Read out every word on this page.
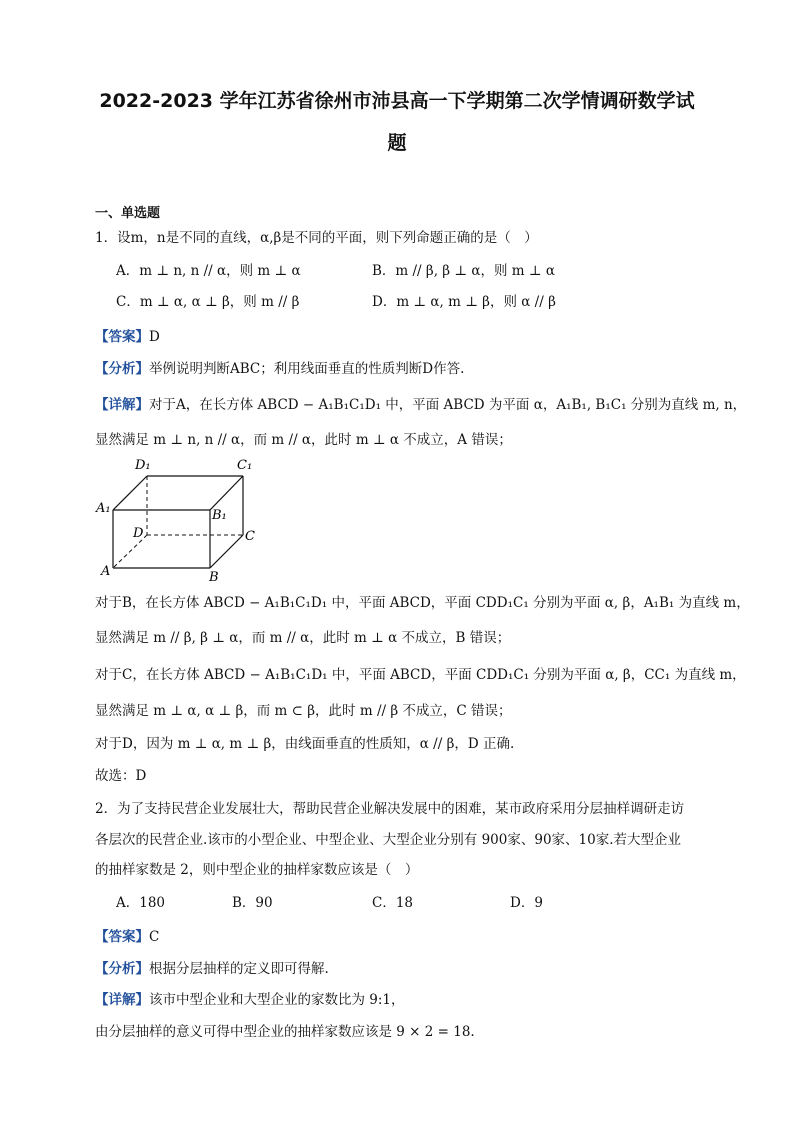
2022-2023 学年江苏省徐州市沛县高一下学期第二次学情调研数学试
题
一、单选题
1．设m，n是不同的直线，α,β是不同的平面，则下列命题正确的是（　）
A．m ⊥ n, n // α，则 m ⊥ α	B．m // β, β ⊥ α，则 m ⊥ α
C．m ⊥ α, α ⊥ β，则 m // β	D．m ⊥ α, m ⊥ β，则 α // β
【答案】D
【分析】举例说明判断ABC；利用线面垂直的性质判断D作答.
【详解】对于A，在长方体 ABCD − A₁B₁C₁D₁ 中，平面 ABCD 为平面 α，A₁B₁, B₁C₁ 分别为直线 m, n，
显然满足 m ⊥ n, n // α，而 m // α，此时 m ⊥ α 不成立，A 错误；
D₁	C₁
A₁	B₁
D	C
A	B
对于B，在长方体 ABCD − A₁B₁C₁D₁ 中，平面 ABCD，平面 CDD₁C₁ 分别为平面 α, β，A₁B₁ 为直线 m，
显然满足 m // β, β ⊥ α，而 m // α，此时 m ⊥ α 不成立，B 错误；
对于C，在长方体 ABCD − A₁B₁C₁D₁ 中，平面 ABCD，平面 CDD₁C₁ 分别为平面 α, β，CC₁ 为直线 m，
显然满足 m ⊥ α, α ⊥ β，而 m ⊂ β，此时 m // β 不成立，C 错误；
对于D，因为 m ⊥ α, m ⊥ β，由线面垂直的性质知，α // β，D 正确.
故选：D
2．为了支持民营企业发展壮大，帮助民营企业解决发展中的困难，某市政府采用分层抽样调研走访
各层次的民营企业.该市的小型企业、中型企业、大型企业分别有 900家、90家、10家.若大型企业
的抽样家数是 2，则中型企业的抽样家数应该是（　）
A．180	B．90	C．18	D．9
【答案】C
【分析】根据分层抽样的定义即可得解.
【详解】该市中型企业和大型企业的家数比为 9:1，
由分层抽样的意义可得中型企业的抽样家数应该是 9 × 2 = 18.
